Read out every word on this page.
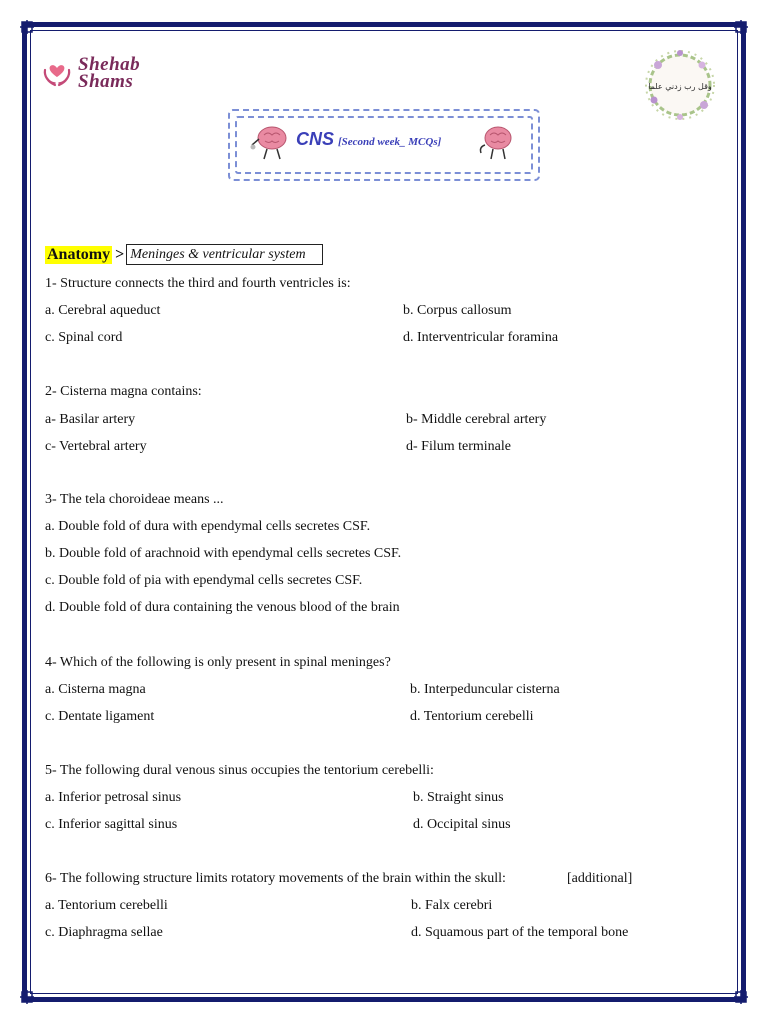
Shehab
Shams	وقل رب زدني علما
CNS [Second week_ MCQs]
Anatomy > Meninges & ventricular system
1- Structure connects the third and fourth ventricles is:
a. Cerebral aqueduct	b. Corpus callosum
c. Spinal cord	d. Interventricular foramina
2- Cisterna magna contains:
a- Basilar artery	b- Middle cerebral artery
c- Vertebral artery	d- Filum terminale
3- The tela choroideae means ...
a. Double fold of dura with ependymal cells secretes CSF.
b. Double fold of arachnoid with ependymal cells secretes CSF.
c. Double fold of pia with ependymal cells secretes CSF.
d. Double fold of dura containing the venous blood of the brain
4- Which of the following is only present in spinal meninges?
a. Cisterna magna	b. Interpeduncular cisterna
c. Dentate ligament	d. Tentorium cerebelli
5- The following dural venous sinus occupies the tentorium cerebelli:
a. Inferior petrosal sinus	b. Straight sinus
c. Inferior sagittal sinus	d. Occipital sinus
6- The following structure limits rotatory movements of the brain within the skull:	[additional]
a. Tentorium cerebelli	b. Falx cerebri
c. Diaphragma sellae	d. Squamous part of the temporal bone
